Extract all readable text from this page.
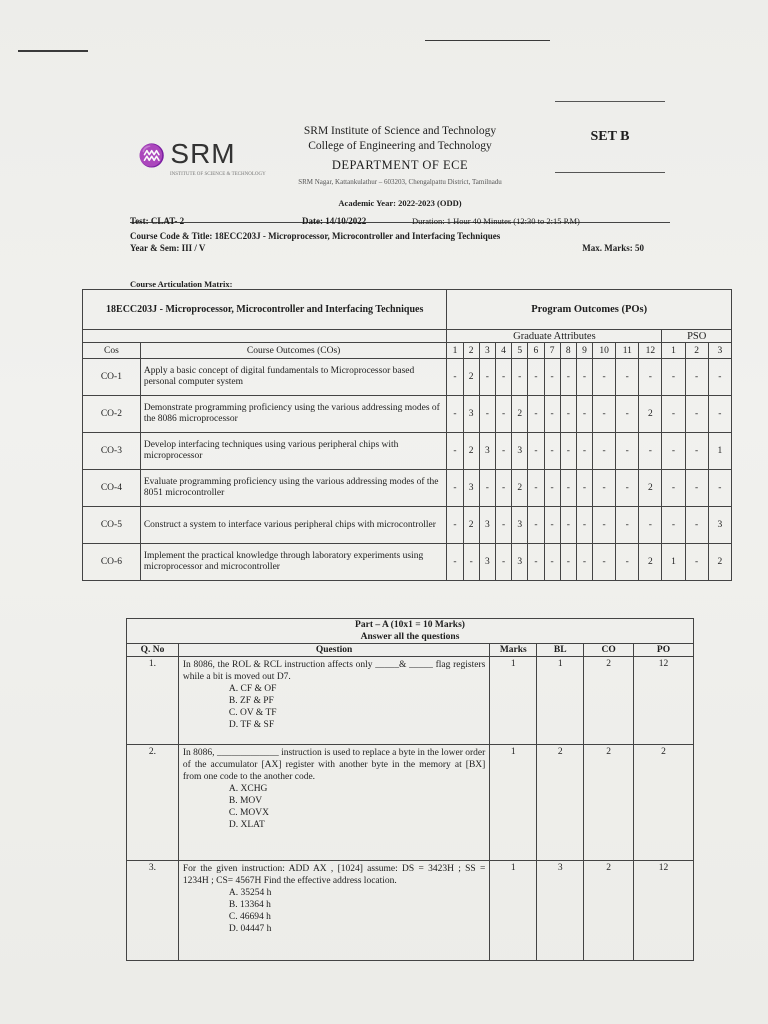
♒ SRM
INSTITUTE OF SCIENCE & TECHNOLOGY
SRM Institute of Science and Technology
College of Engineering and Technology
DEPARTMENT OF ECE
SRM Nagar, Kattankulathur – 603203, Chengalpattu District, Tamilnadu
Academic Year: 2022-2023 (ODD)
SET B
Test: CLAT- 2	Date: 14/10/2022	Duration: 1 Hour 40 Minutes (12:30 to 2:15 P.M)
Course Code & Title: 18ECC203J - Microprocessor, Microcontroller and Interfacing Techniques
Year & Sem: III / V	Max. Marks: 50
Course Articulation Matrix:
18ECC203J - Microprocessor, Microcontroller and Interfacing Techniques		Program Outcomes (POs)														
		Graduate Attributes												PSO		
Cos	Course Outcomes (COs)	1	2	3	4	5	6	7	8	9	10	11	12	1	2	3
CO-1	Apply a basic concept of digital fundamentals to Microprocessor based personal computer system	-	2	-	-	-	-	-	-	-	-	-	-	-	-	-
CO-2	Demonstrate programming proficiency using the various addressing modes of the 8086 microprocessor	-	3	-	-	2	-	-	-	-	-	-	2	-	-	-
CO-3	Develop interfacing techniques using various peripheral chips with microprocessor	-	2	3	-	3	-	-	-	-	-	-	-	-	-	1
CO-4	Evaluate programming proficiency using the various addressing modes of the 8051 microcontroller	-	3	-	-	2	-	-	-	-	-	-	2	-	-	-
CO-5	Construct a system to interface various peripheral chips with microcontroller	-	2	3	-	3	-	-	-	-	-	-	-	-	-	3
CO-6	Implement the practical knowledge through laboratory experiments using microprocessor and microcontroller	-	-	3	-	3	-	-	-	-	-	-	2	1	-	2
Part – A (10x1 = 10 Marks)					
Answer all the questions					
Q. No	Question	Marks	BL	CO	PO
1.	In 8086, the ROL & RCL instruction affects only _____& _____ flag registers while a bit is moved out D7.
A. CF & OF
B. ZF & PF
C. OV & TF
D. TF & SF	1	1	2	12
2.	In 8086, _____________ instruction is used to replace a byte in the lower order of the accumulator [AX] register with another byte in the memory at [BX] from one code to the another code.
A. XCHG
B. MOV
C. MOVX
D. XLAT	1	2	2	2
3.	For the given instruction: ADD AX , [1024] assume: DS = 3423H ; SS = 1234H ; CS= 4567H Find the effective address location.
A. 35254 h
B. 13364 h
C. 46694 h
D. 04447 h	1	3	2	12
